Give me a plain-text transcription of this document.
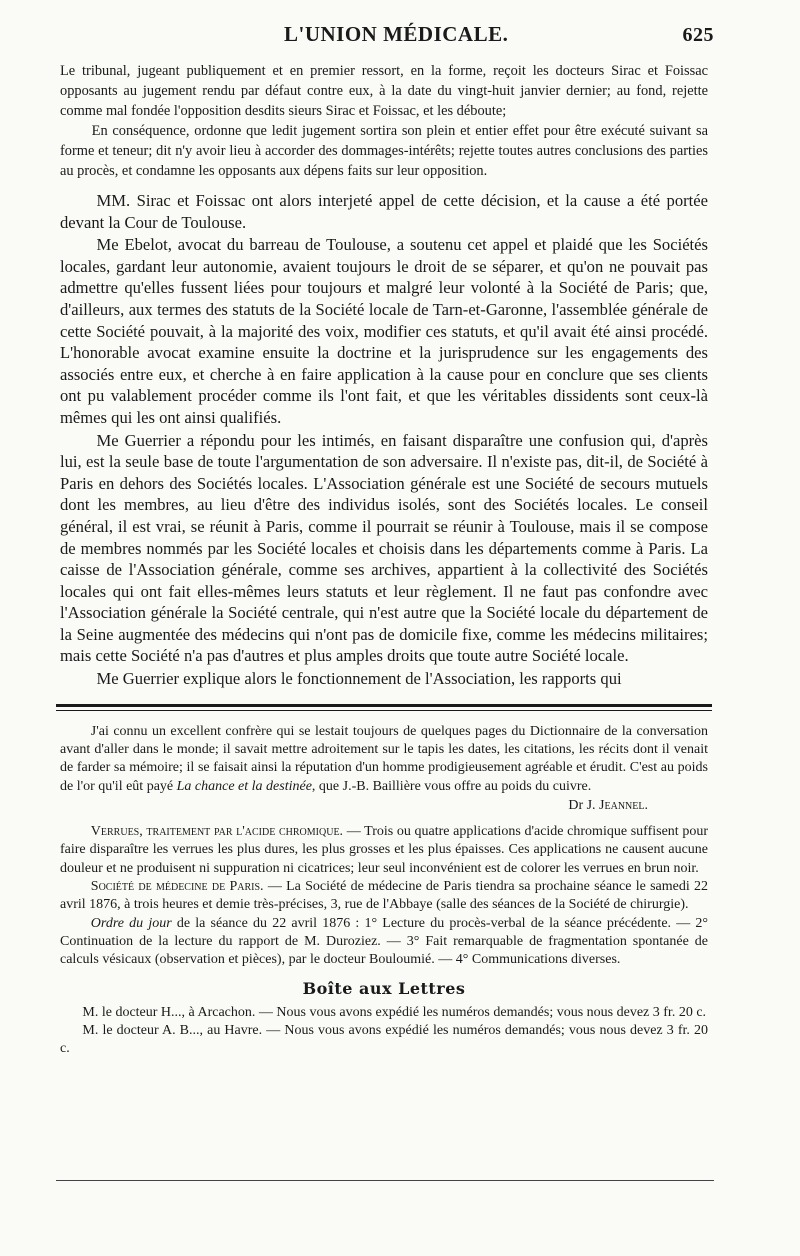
L'UNION MÉDICALE.	625

Le tribunal, jugeant publiquement et en premier ressort, en la forme, reçoit les docteurs Sirac et Foissac opposants au jugement rendu par défaut contre eux, à la date du vingt-huit janvier dernier; au fond, rejette comme mal fondée l'opposition desdits sieurs Sirac et Foissac, et les déboute;

En conséquence, ordonne que ledit jugement sortira son plein et entier effet pour être exécuté suivant sa forme et teneur; dit n'y avoir lieu à accorder des dommages-intérêts; rejette toutes autres conclusions des parties au procès, et condamne les opposants aux dépens faits sur leur opposition.

MM. Sirac et Foissac ont alors interjeté appel de cette décision, et la cause a été portée devant la Cour de Toulouse.

Me Ebelot, avocat du barreau de Toulouse, a soutenu cet appel et plaidé que les Sociétés locales, gardant leur autonomie, avaient toujours le droit de se séparer, et qu'on ne pouvait pas admettre qu'elles fussent liées pour toujours et malgré leur volonté à la Société de Paris; que, d'ailleurs, aux termes des statuts de la Société locale de Tarn-et-Garonne, l'assemblée générale de cette Société pouvait, à la majorité des voix, modifier ces statuts, et qu'il avait été ainsi procédé. L'honorable avocat examine ensuite la doctrine et la jurisprudence sur les engagements des associés entre eux, et cherche à en faire application à la cause pour en conclure que ses clients ont pu valablement procéder comme ils l'ont fait, et que les véritables dissidents sont ceux-là mêmes qui les ont ainsi qualifiés.

Me Guerrier a répondu pour les intimés, en faisant disparaître une confusion qui, d'après lui, est la seule base de toute l'argumentation de son adversaire. Il n'existe pas, dit-il, de Société à Paris en dehors des Sociétés locales. L'Association générale est une Société de secours mutuels dont les membres, au lieu d'être des individus isolés, sont des Sociétés locales. Le conseil général, il est vrai, se réunit à Paris, comme il pourrait se réunir à Toulouse, mais il se compose de membres nommés par les Société locales et choisis dans les départements comme à Paris. La caisse de l'Association générale, comme ses archives, appartient à la collectivité des Sociétés locales qui ont fait elles-mêmes leurs statuts et leur règlement. Il ne faut pas confondre avec l'Association générale la Société centrale, qui n'est autre que la Société locale du département de la Seine augmentée des médecins qui n'ont pas de domicile fixe, comme les médecins militaires; mais cette Société n'a pas d'autres et plus amples droits que toute autre Société locale.

Me Guerrier explique alors le fonctionnement de l'Association, les rapports qui

J'ai connu un excellent confrère qui se lestait toujours de quelques pages du Dictionnaire de la conversation avant d'aller dans le monde; il savait mettre adroitement sur le tapis les dates, les citations, les récits dont il venait de farder sa mémoire; il se faisait ainsi la réputation d'un homme prodigieusement agréable et érudit. C'est au poids de l'or qu'il eût payé La chance et la destinée, que J.-B. Baillière vous offre au poids du cuivre.

Dr J. Jeannel.

Verrues, traitement par l'acide chromique. — Trois ou quatre applications d'acide chromique suffisent pour faire disparaître les verrues les plus dures, les plus grosses et les plus épaisses. Ces applications ne causent aucune douleur et ne produisent ni suppuration ni cicatrices; leur seul inconvénient est de colorer les verrues en brun noir.

Société de médecine de Paris. — La Société de médecine de Paris tiendra sa prochaine séance le samedi 22 avril 1876, à trois heures et demie très-précises, 3, rue de l'Abbaye (salle des séances de la Société de chirurgie).

Ordre du jour de la séance du 22 avril 1876 : 1° Lecture du procès-verbal de la séance précédente. — 2° Continuation de la lecture du rapport de M. Duroziez. — 3° Fait remarquable de fragmentation spontanée de calculs vésicaux (observation et pièces), par le docteur Bouloumié. — 4° Communications diverses.

Boîte aux Lettres

M. le docteur H..., à Arcachon. — Nous vous avons expédié les numéros demandés; vous nous devez 3 fr. 20 c.

M. le docteur A. B..., au Havre. — Nous vous avons expédié les numéros demandés; vous nous devez 3 fr. 20 c.
